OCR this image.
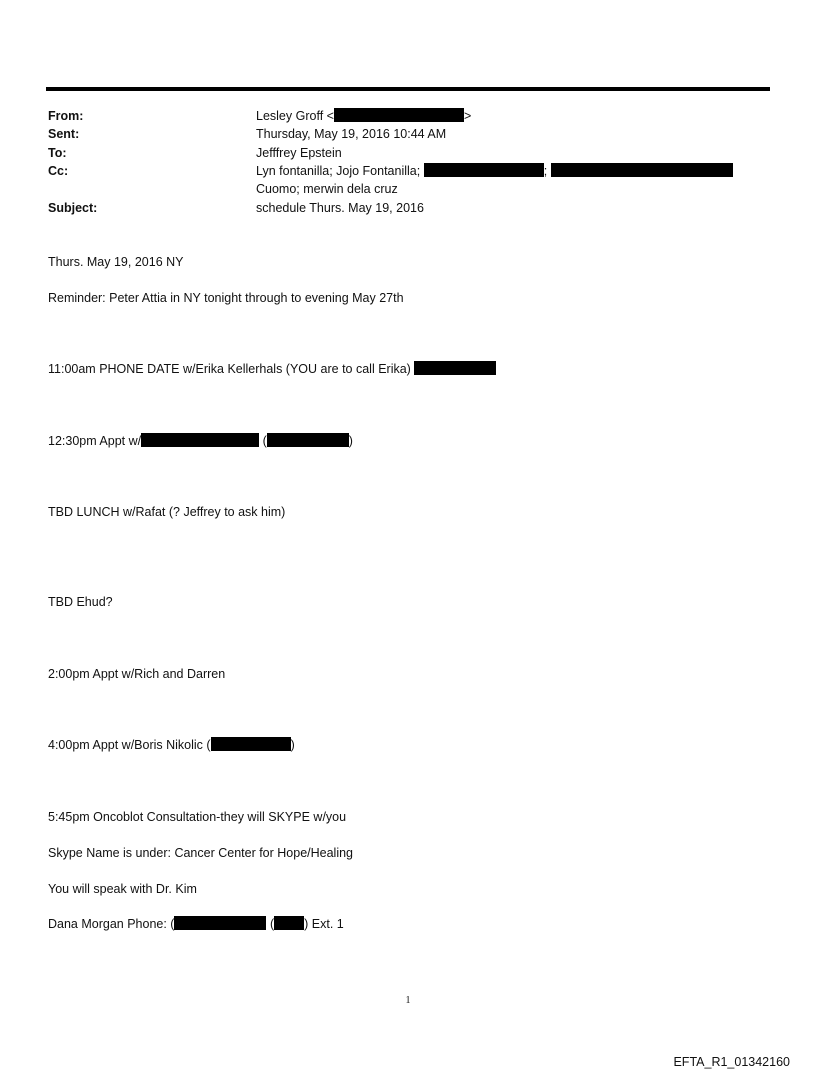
From:	Lesley Groff <	>
Sent:	Thursday, May 19, 2016 10:44 AM
To:	Jefffrey Epstein
Cc:	Lyn fontanilla; Jojo Fontanilla;	;
Cuomo; merwin dela cruz
Subject:	schedule Thurs. May 19, 2016
Thurs. May 19, 2016 NY
Reminder: Peter Attia in NY tonight through to evening May 27th
11:00am PHONE DATE w/Erika Kellerhals (YOU are to call Erika)
12:30pm Appt w/	(	)
TBD LUNCH w/Rafat (? Jeffrey to ask him)
TBD Ehud?
2:00pm Appt w/Rich and Darren
4:00pm Appt w/Boris Nikolic (	)
5:45pm Oncoblot Consultation-they will SKYPE w/you
Skype Name is under: Cancer Center for Hope/Healing
You will speak with Dr. Kim
Dana Morgan Phone: (	( ) Ext. 1
1
EFTA_R1_01342160
